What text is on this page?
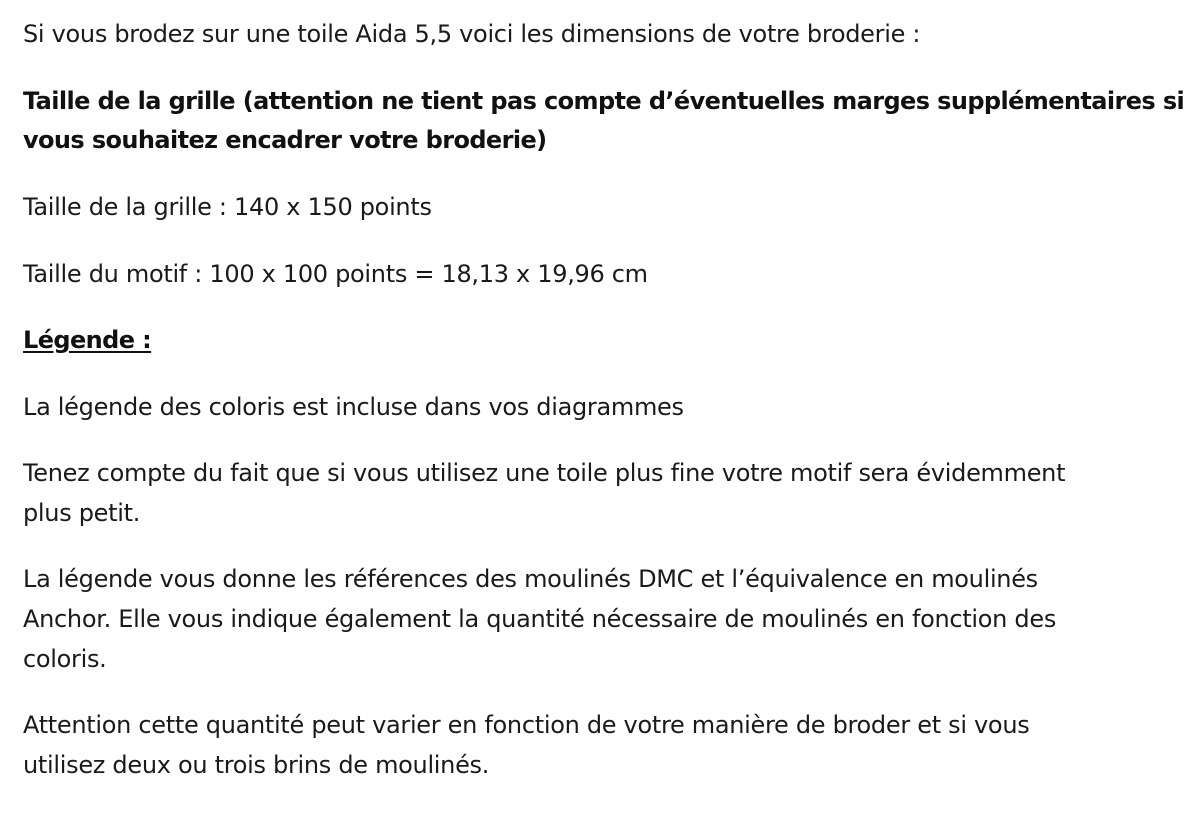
Si vous brodez sur une toile Aida 5,5 voici les dimensions de votre broderie :
Taille de la grille (attention ne tient pas compte d’éventuelles marges supplémentaires si
vous souhaitez encadrer votre broderie)
Taille de la grille : 140 x 150 points
Taille du motif : 100 x 100 points = 18,13 x 19,96 cm
Légende :
La légende des coloris est incluse dans vos diagrammes
Tenez compte du fait que si vous utilisez une toile plus fine votre motif sera évidemment
plus petit.
La légende vous donne les références des moulinés DMC et l’équivalence en moulinés
Anchor. Elle vous indique également la quantité nécessaire de moulinés en fonction des
coloris.
Attention cette quantité peut varier en fonction de votre manière de broder et si vous
utilisez deux ou trois brins de moulinés.
